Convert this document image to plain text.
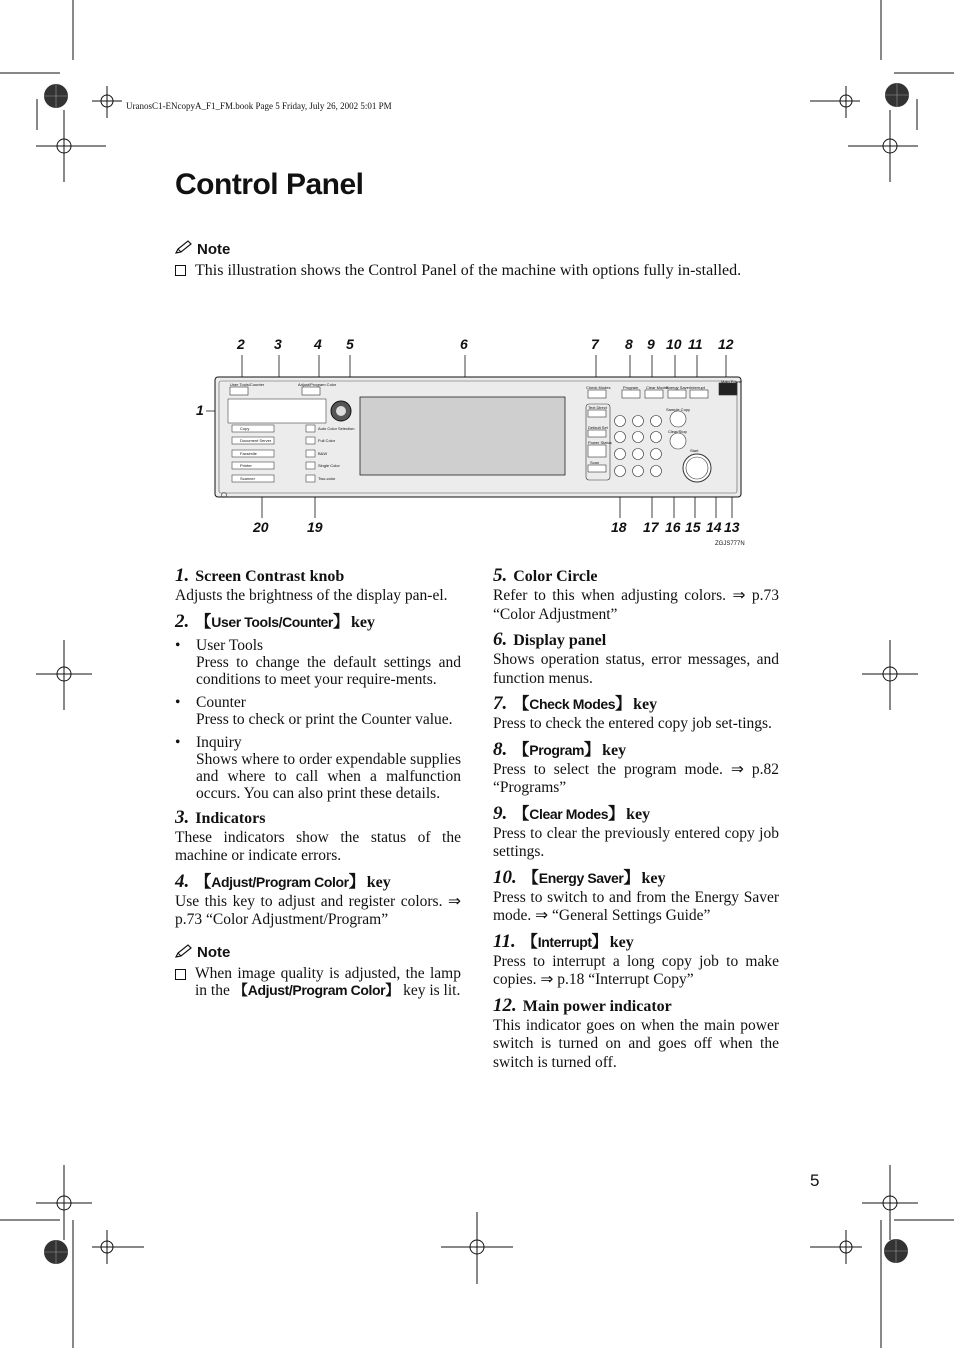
UranosC1-ENcopyA_F1_FM.book Page 5 Friday, July 26, 2002 5:01 PM
Control Panel
Note
This illustration shows the Control Panel of the machine with options fully in-stalled.
2 3 4 5	6	7 8 9 10 11 12
1
20	19	18 17 16 15 14 13
ZGJS777N
User Tools/Counter	Adjust/Program Color
Check Modes	Program Clear Modes
Energy Saver Interrupt
Main Power
Sample Copy
Clear/Stop
Start
Copy
Document Server
Facsimile
Printer
Scanner
Auto Color Selection
Full Color
B&W
Single Color
Two-color
Text Direct
Default Set
Power Status
Scan
1. Screen Contrast knob
Adjusts the brightness of the display pan-el.
2. 【 User Tools/Counter 】 key
•	User Tools
Press to change the default settings and conditions to meet your require-ments.
•	Counter
Press to check or print the Counter value.
•	Inquiry
Shows where to order expendable supplies and where to call when a malfunction occurs. You can also print these details.
3. Indicators
These indicators show the status of the machine or indicate errors.
4. 【 Adjust/Program Color 】 key
Use this key to adjust and register colors. ⇒ p.73 “Color Adjustment/Program”
Note
When image quality is adjusted, the lamp in the 【Adjust/Program Color】 key is lit.
5. Color Circle
Refer to this when adjusting colors. ⇒ p.73 “Color Adjustment”
6. Display panel
Shows operation status, error messages, and function menus.
7. 【 Check Modes 】 key
Press to check the entered copy job set-tings.
8. 【 Program 】 key
Press to select the program mode. ⇒ p.82 “Programs”
9. 【 Clear Modes 】 key
Press to clear the previously entered copy job settings.
10. 【 Energy Saver 】 key
Press to switch to and from the Energy Saver mode. ⇒ “General Settings Guide”
11. 【 Interrupt 】 key
Press to interrupt a long copy job to make copies. ⇒ p.18 “Interrupt Copy”
12. Main power indicator
This indicator goes on when the main power switch is turned on and goes off when the switch is turned off.
5
